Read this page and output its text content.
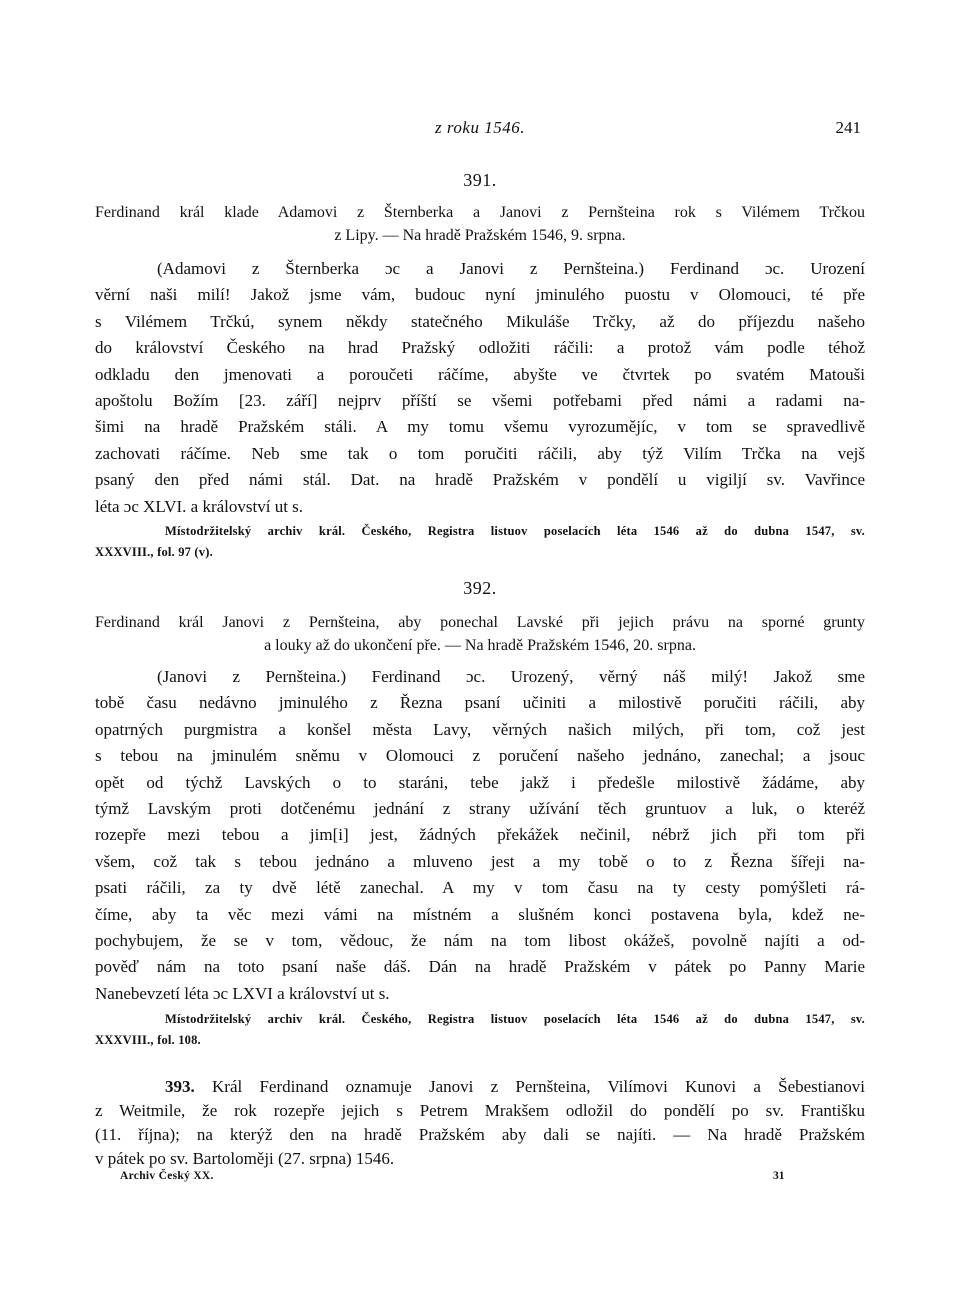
z roku 1546.	241
391.
Ferdinand král klade Adamovi z Šternberka a Janovi z Pernšteina rok s Vilémem Trčkou
z Lipy. — Na hradě Pražském 1546, 9. srpna.
(Adamovi z Šternberka ɔc a Janovi z Pernšteina.) Ferdinand ɔc. Urození
věrní naši milí! Jakož jsme vám, budouc nyní jminulého puostu v Olomouci, té pře
s Vilémem Trčkú, synem někdy statečného Mikuláše Trčky, až do příjezdu našeho
do království Českého na hrad Pražský odložiti ráčili: a protož vám podle téhož
odkladu den jmenovati a poroučeti ráčíme, abyšte ve čtvrtek po svatém Matouši
apoštolu Božím [23. září] nejprv příští se všemi potřebami před námi a radami na-
šimi na hradě Pražském stáli. A my tomu všemu vyrozumějíc, v tom se spravedlivě
zachovati ráčíme. Neb sme tak o tom poručiti ráčili, aby týž Vilím Trčka na vejš
psaný den před námi stál. Dat. na hradě Pražském v pondělí u vigiljí sv. Vavřince
léta ɔc XLVI. a království ut s.
Místodržitelský archiv král. Českého, Registra listuov poselacích léta 1546 až do dubna 1547, sv.
XXXVIII., fol. 97 (v).
392.
Ferdinand král Janovi z Pernšteina, aby ponechal Lavské při jejich právu na sporné grunty
a louky až do ukončení pře. — Na hradě Pražském 1546, 20. srpna.
(Janovi z Pernšteina.) Ferdinand ɔc. Urozený, věrný náš milý! Jakož sme
tobě času nedávno jminulého z Řezna psaní učiniti a milostivě poručiti ráčili, aby
opatrných purgmistra a konšel města Lavy, věrných našich milých, při tom, což jest
s tebou na jminulém sněmu v Olomouci z poručení našeho jednáno, zanechal; a jsouc
opět od týchž Lavských o to staráni, tebe jakž i předešle milostivě žádáme, aby
týmž Lavským proti dotčenému jednání z strany užívání těch gruntuov a luk, o kteréž
rozepře mezi tebou a jim[i] jest, žádných překážek nečinil, nébrž jich při tom při
všem, což tak s tebou jednáno a mluveno jest a my tobě o to z Řezna šířeji na-
psati ráčili, za ty dvě létě zanechal. A my v tom času na ty cesty pomýšleti rá-
číme, aby ta věc mezi vámi na místném a slušném konci postavena byla, kdež ne-
pochybujem, že se v tom, vědouc, že nám na tom libost okážeš, povolně najíti a od-
pověď nám na toto psaní naše dáš. Dán na hradě Pražském v pátek po Panny Marie
Nanebevzetí léta ɔc LXVI a království ut s.
Místodržitelský archiv král. Českého, Registra listuov poselacích léta 1546 až do dubna 1547, sv.
XXXVIII., fol. 108.
393. Král Ferdinand oznamuje Janovi z Pernšteina, Vilímovi Kunovi a Šebestianovi
z Weitmile, že rok rozepře jejich s Petrem Mrakšem odložil do pondělí po sv. Františku
(11. října); na kterýž den na hradě Pražském aby dali se najíti. — Na hradě Pražském
v pátek po sv. Bartoloměji (27. srpna) 1546.
Archiv Český XX.	31
